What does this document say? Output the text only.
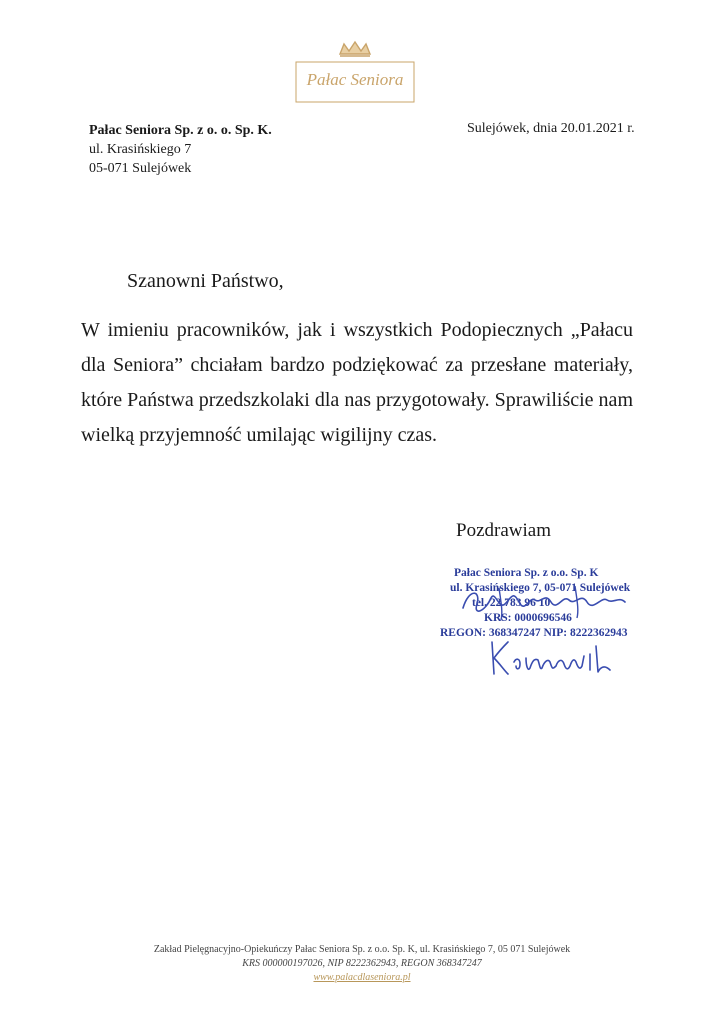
Pałac Seniora
Pałac Seniora Sp. z o. o. Sp. K.
ul. Krasińskiego 7
05-071 Sulejówek
Sulejówek, dnia 20.01.2021 r.
Szanowni Państwo,

W imieniu pracowników, jak i wszystkich Podopiecznych „Pałacu dla Seniora” chciałam bardzo podziękować za przesłane materiały, które Państwa przedszkolaki dla nas przygotowały. Sprawiliście nam wielką przyjemność umilając wigilijny czas.

Pozdrawiam
Pałac Seniora Sp. z o.o. Sp. K
ul. Krasińskiego 7, 05-071 Sulejówek
tel. 22 783 96 10
KRS: 0000696546
REGON: 368347247 NIP: 8222362943
Zakład Pielęgnacyjno-Opiekuńczy Pałac Seniora Sp. z o.o. Sp. K, ul. Krasińskiego 7, 05 071 Sulejówek
KRS 000000197026, NIP 8222362943, REGON 368347247
www.palacdlaseniora.pl
